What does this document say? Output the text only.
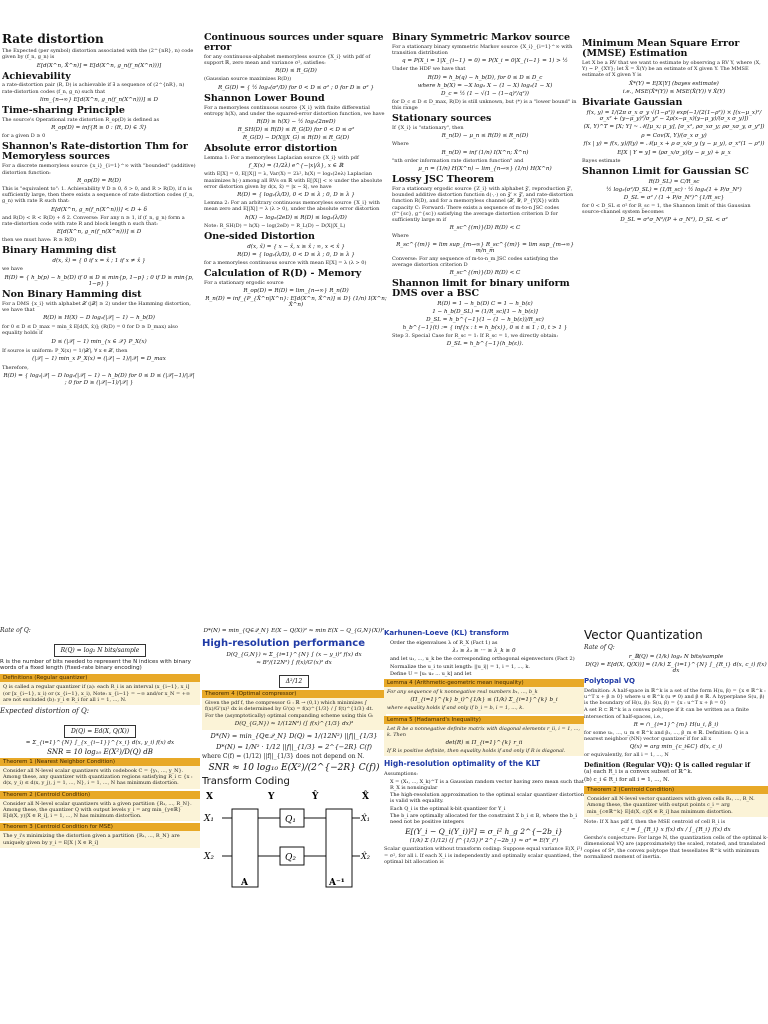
Rate distortion

The Expected (per symbol) distortion associated with the (2^{nR}, n) code given by (f_n, g_n) is

E[d(X^n, X̂^n)] = E[d(X^n, g_n(f_n(X^n)))]
Achievability

a rate-distortion pair (R, D) is achievable if ∃ a sequence of (2^{nR}, n) rate-distortion codes (f_n, g_n) such that

lim_{n→∞} E[d(X^n, g_n(f_n(X^n)))] ≤ D
Time-sharing Principle

The source's Operational rate distortion R_op(D) is defined as

R_op(D) = inf{R ≥ 0 : (R, D) ∈ ℛ}

for a given D ≥ 0

Shannon's Rate-distortion Thm for Memoryless sources

For a discrete memoryless source {x_i}_{i=1}^∞ with "bounded" (additive) distortion function:

R_op(D) = R(D)

This is "equivalent to": 1. Achievability ∀ D ≥ 0, δ > 0, and R > R(D), if n is sufficiently large, then there exists a sequence of rate distortion codes (f_n, g_n) with rate R such that:

E[d(X^n, g_n(f_n(X^n)))] < D + δ

and R(D) < R < R(D) + δ 2. Converse: For any n ≥ 1, if (f_n, g_n) form a rate-distortion code with rate R and block length n such that:

E[d(X^n, g_n(f_n(X^n)))] ≤ D

then we must have: R ≥ R(D)

Binary Hamming dist
d(x, x̂) = { 0 if x = x̂ ; 1 if x ≠ x̂ }

we have

R(D) = { h_b(p) − h_b(D) if 0 ≤ D ≤ min{p, 1−p} ; 0 if D ≥ min{p, 1−p} }
Non Binary Hamming dist

For a DMS {x_i} with alphabet 𝒳 (|𝒳| ≥ 2) under the Hamming distortion, we have that

R(D) ≥ H(X) − D log₂(|𝒳| − 1) − h_b(D)

for 0 ≤ D ≤ D_max = min_x̂ E[d(X, x̂)]; (R(D) = 0 for D ≥ D_max) also equality holds if

D ≤ (|𝒳| − 1) min_{x ∈ 𝒳} P_X(x)

If source is uniform: P_X(x) = 1/|𝒳|, ∀ x ∈ 𝒳, then

(|𝒳| − 1) min_x P_X(x) = (|𝒳| − 1)/|𝒳| = D_max

Therefore,

R(D) = { log₂|𝒳| − D log₂(|𝒳| − 1) − h_b(D) for 0 ≤ D ≤ (|𝒳|−1)/|𝒳| ; 0 for D ≥ (|𝒳|−1)/|𝒳| }
Continuous sources under square error

for any continuous-alphabet memoryless source {X_i} with pdf of support ℝ, zero mean and variance σ², satisfies:

R(D) ≤ R_G(D)

(Gaussian source maximizes R(D))

R_G(D) = { ½ log₂(σ²/D) for 0 < D ≤ σ² ; 0 for D ≥ σ² }
Shannon Lower Bound

For a memoryless continuous source {X_i} with finite differential entropy h(X), and under the squared-error distortion function, we have

R(D) ≥ h(X) − ½ log₂(2πeD)
R_SH(D) ≤ R(D) ≤ R_G(D) for 0 < D ≤ σ²
R_G(D) − D(X||X_G) ≤ R(D) ≤ R_G(D)
Absolute error distortion

Lemma 1: For a memoryless Laplacian source {X_i} with pdf

f_X(x) = (1/2λ) e^{−|x|/λ}, x ∈ ℝ

with E[X] = 0, E[|X|] = λ, Var(X) = 2λ², h(X) = log₂(2eλ) Laplacian maximizes h(·) among all RVs on ℝ with E[|X|] < ∞ under the absolute error distortion given by d(x, x̂) = |x − x̂|, we have

R(D) = { log₂(λ/D), 0 < D ≤ λ ; 0, D ≥ λ }

Lemma 2: For an arbitrary continuous memoryless source {X_i} with mean zero and E[|X|] = λ (λ > 0), under the absolute error distortion

h(X) − log₂(2eD) ≤ R(D) ≤ log₂(λ/D)

Note: R_SH(D) = h(X) − log(2eD) = R_L(D) − D(X||X_L)

One-sided Distortion
d(x, x̂) = { x − x̂, x ≥ x̂ ; ∞, x < x̂ }
R(D) = { log₂(λ/D), 0 < D ≤ λ ; 0, D ≥ λ }

for a memoryless continuous source with mean E[X] = λ (λ > 0)

Calculation of R(D) - Memory

For a stationary ergodic source

R_op(D) = R(D) = lim_{n→∞} R_n(D)
R_n(D) = inf_{P_{X̂^n|X^n}: E[d(X^n, X̂^n)] ≤ D} (1/n) I(X^n; X̂^n)
Binary Symmetric Markov source

For a stationary binary symmetric Markov source {X_i}_{i=1}^∞ with transition distribution

q = P(X_i = 1|X_{i−1} = 0) = P(X_i = 0|X_{i−1} = 1) > ½

Under the HDF we have that

R(D) = h_b(q) − h_b(D), for 0 ≤ D ≤ D_c
where h_b(X) = −X log₂ X − (1 − X) log₂(1 − X)
D_c = ½ (1 − √(1 − (1−q)²/q²))

for D_c ≤ D ≤ D_max, R(D) is still unknown, but (*) is a "lower bound" in this range

Stationary sources

If {X_i} is "stationary", then

R_n(D) − μ_n ≤ R(D) ≤ R_n(D)

Where

R_n(D) = inf (1/n) I(X^n; X̂^n)

"nth order information rate distortion function" and

μ_n = (1/n) H(X^n) − lim_{n→∞} (1/n) H(X^n)
Lossy JSC Theorem

For a stationary ergodic source {Z_i} with alphabet 𝒵, reproduction 𝒵̂, bounded additive distortion function d(·,·) on 𝒵 × 𝒵̂, and rate-distortion function R(D), and for a memoryless channel (𝒳, 𝒴, P_{Y|X}) with capacity C: Forward: There exists a sequence of m-to-n JSC codes (f^{sc}, g^{sc}) satisfying the average distortion criterion D for sufficiently large m if

R_sc^{(m)}(D) R(D) < C

Where

R_sc^{(m)} = lim sup_{m→∞} R_sc^{(m)} = lim sup_{m→∞} m/n_m

Converse: For any sequence of m-to-n_m JSC codes satisfying the average distortion criterion D

R_sc^{(m)}(D) R(D) < C
Shannon limit for binary uniform DMS over a BSC
R(D) = 1 − h_b(D) C = 1 − h_b(ε)
1 − h_b(D_SL) = (1/R_sc)[1 − h_b(ε)]
D_SL = h_b^{−1}(1 − (1 − h_b(ε))/R_sc)
h_b^{−1}(t) := { inf{x : t = h_b(x)}, 0 ≤ t ≤ 1 ; 0, t > 1 }

Step 3. Special Case for R_sc = 1: If R_sc = 1, we directly obtain:

D_SL = h_b^{−1}(h_b(ε)).
Minimum Mean Square Error (MMSE) Estimation

Let X be a RV that we want to estimate by observing a RV Y, where (X, Y) ~ P_{XY}; let X̂ = X̂(Y) be an estimate of X given Y. The MMSE estimate of X given Y is

X̂*(Y) = E[X|Y] (bayes estimate)
i.e., MSE(X̂*(Y)) ≤ MSE(X̂(Y)) ∀ X̂(Y)
Bivariate Gaussian
f(x, y) = 1/(2π σ_x σ_y √(1−ρ²)) exp(−1/(2(1−ρ²)) × [(x−μ_x)²/σ_x² + (y−μ_y)²/σ_y² − 2ρ(x−μ_x)(y−μ_y)/(σ_x σ_y)])
(X, Y)^T = [X; Y] ~ 𝒩([μ_x; μ_y], [σ_x², ρσ_xσ_y; ρσ_xσ_y, σ_y²])
ρ = Cov(X, Y)/(σ_x σ_y)
f(x | y) = f(x, y)/f(y) = 𝒩(μ_x + ρ σ_x/σ_y (y − μ_y), σ_x²(1 − ρ²))
E[X | Y = y] = (ρσ_x/σ_y)(y − μ_y) + μ_x

Bayes estimate

Shannon Limit for Gaussian SC
R(D_SL) = C/R_sc
½ log₂(σ²/D_SL) = (1/R_sc) · ½ log₂(1 + P/σ_N²)
D_SL = σ² / (1 + P/σ_N²)^{1/R_sc}

for 0 < D_SL ≤ σ² for R_sc = 1, the Shannon limit of this Gaussian source-channel system becomes

D_SL = σ²σ_N²/(P + σ_N²), D_SL < σ²

Rate of Q:

R(Q) = log₂ N bits/sample

R is the number of bits needed to represent the N indices with binary words of a fixed length (fixed-rate binary encoding)

Definitions (Regular quantizer)

Q is called a regular quantizer if (a): each R_i is an interval (x_{i−1}, x_i] (or [x_{i−1}, x_i) or (x_{i−1}, x_i), Note: x_{i−1} = −∞ and/or x_N = +∞ are not excluded (b): y_i ∈ R_i for all i = 1, ..., N.

Expected distortion of Q:

D(Q) = Ed(X, Q(X))
= Σ_{i=1}^{N} ∫_{x_{i−1}}^{x_i} d(x, y_i) f(x) dx
SNR = 10 log₁₀ E(X²)/D(Q) dB
Theorem 1 (Nearest Neighbor Condition)

Consider all N-level scalar quantizers with codebook C = {y₁, ..., y_N}. Among these, any quantizer with quantization regions satisfying R_i ⊂ {x : d(x, y_i) ≤ d(x, y_j), j = 1, ..., N}, i = 1, ..., N has minimum distortion.

Theorem 2 (Centroid Condition)

Consider all N-level scalar quantizers with a given partition {R₁, ..., R_N}. Among these, the quantizer Q with output levels y_i = arg min_{y∈ℝ} E[d(X, y)|X ∈ R_i], i = 1, ..., N has minimum distortion.

Theorem 3 (Centroid Condition for MSE)

The y_i's minimizing the distortion given a partition {R₁, ..., R_N} are uniquely given by y_i = E[X | X ∈ R_i]

D*(N) = min_{Q∈𝒬_N} E(X − Q(X))² ≈ min E(X − Q_{G,N}(X))²
High-resolution performance
D(Q_{G,N}) ≈ Σ_{i=1}^{N} ∫ (x − y_i)² f(x) dx
≈ B²/(12N²) ∫ f(x)/G'(x)² dx
Δ²/12
Theorem 4 (Optimal compressor)

Given the pdf f, the compressor G : ℝ → (0,1) which minimizes ∫ f(x)/G'(x)² dx is determined by G'(x) = f(x)^{1/3} / ∫ f(t)^{1/3} dt. For the (asymptotically) optimal companding scheme using this G:

D(Q_{G,N}) ≈ 1/(12N²) (∫ f(x)^{1/3} dx)³
D*(N) = min_{Q∈𝒬_N} D(Q) ≈ 1/(12N²) ||f||_{1/3}
D*(N) = 1/N² · 1/12 ||f||_{1/3} = 2^{−2R} C(f)

where C(f) = (1/12) ||f||_{1/3} does not depend on N.

SNR ≈ 10 log₁₀ E(X²)/(2^{−2R} C(f))
Transform Coding
X	Y	Ŷ	X̂
X₁
X₂
A
Q₁
Q₂
A⁻¹
X̂₁
X̂₂
Karhunen-Loeve (KL) transform
Order the eigenvalues λ of R_X (Fact 1) as
λ₁ ≥ λ₂ ≥ ··· ≥ λ_k ≥ 0
and let u₁, ..., u_k be the corresponding orthogonal eigenvectors (Fact 2)
Normalize the u_i to unit length: ||u_i|| = 1, i = 1, ..., k.
Define U = [u₁ u₂ ... u_k] and let
Lemma 4 (Arithmetic-geometric mean inequality)

For any sequence of k nonnegative real numbers b₁, ..., b_k

(Π_{i=1}^{k} b_i)^{1/k} ≤ (1/k) Σ_{i=1}^{k} b_i

where equality holds if and only if b_i = b, i = 1, ..., k.

Lemma 5 (Hadamard's Inequality)

Let R be a nonnegative definite matrix with diagonal elements r_ii, i = 1, ..., k. Then

det(R) ≤ Π_{i=1}^{k} r_ii

If R is positive definite, then equality holds if and only if R is diagonal.

High-resolution optimality of the KLT

Assumptions:

X = (X₁, ..., X_k)^T is a Gaussian random vector having zero mean such that R_X is nonsingular
The high-resolution approximation to the optimal scalar quantizer distortion is valid with equality.
Each Q_i is the optimal k-bit quantizer for Y_i
The b_i are optimally allocated for the constraint Σ b_i ≤ B, where the b_i need not be positive integers
E[(Y_i − Q_i(Y_i))²] = σ_i² h_g 2^{−2b_i}
(1/k) Σ (1/12) (∫ f^{1/3})³ 2^{−2b_i} ≈ σ² = E(Y_i²)

Scalar quantization without transform coding: Suppose equal variance E(X_i²) = σ², for all i. If each X_i is independently and optimally scalar quantized, the optimal bit allocation is

Vector Quantization

Rate of Q:

r_ℝ(Q) = (1/k) log₂ N bits/sample
D(Q) = E[d(X, Q(X))] = (1/k) Σ_{i=1}^{N} ∫_{R_i} d(x, c_i) f(x) dx
Polytopal VQ

Definition: A half-space in ℝ^k is a set of the form H(u, β) = {x ∈ ℝ^k : u^T x + β ≥ 0} where u ∈ ℝ^k (u ≠ 0) and β ∈ ℝ. A hyperplane S(u, β) is the boundary of H(u, β): S(u, β) = {x : u^T x + β = 0}

A set R ⊂ ℝ^k is a convex polytope if it can be written as a finite intersection of half-spaces, i.e.,

R = ∩_{i=1}^{m} H(u_i, β_i)

for some u₁, ..., u_m ∈ ℝ^k and β₁, ..., β_m ∈ ℝ. Definition: Q is a nearest neighbor (NN) vector quantizer if for all x

Q(x) = arg min_{c_i∈C} d(x, c_i)

or equivalently, for all i = 1, ..., N

Definition (Regular VQ): Q is called regular if

(a) each R_i is a convex subset of ℝ^k.

(b) c_i ∈ R_i for all i = 1, ..., N.

Theorem 2 (Centroid Condition)

Consider all N-level vector quantizers with given cells R₁, ..., R_N. Among these, the quantizer with output points c_i = arg min_{c∈ℝ^k} E[d(X, c)|X ∈ R_i] has minimum distortion.

Note: If X has pdf f, then the MSE centroid of cell R_i is

c_i = ∫_{R_i} x f(x) dx / ∫_{R_i} f(x) dx

Gersho's conjecture: For large N, the quantization cells of the optimal k-dimensional VQ are (approximately) the scaled, rotated, and translated copies of S*, the convex polytope that tessellates ℝ^k with minimum normalized moment of inertia.
